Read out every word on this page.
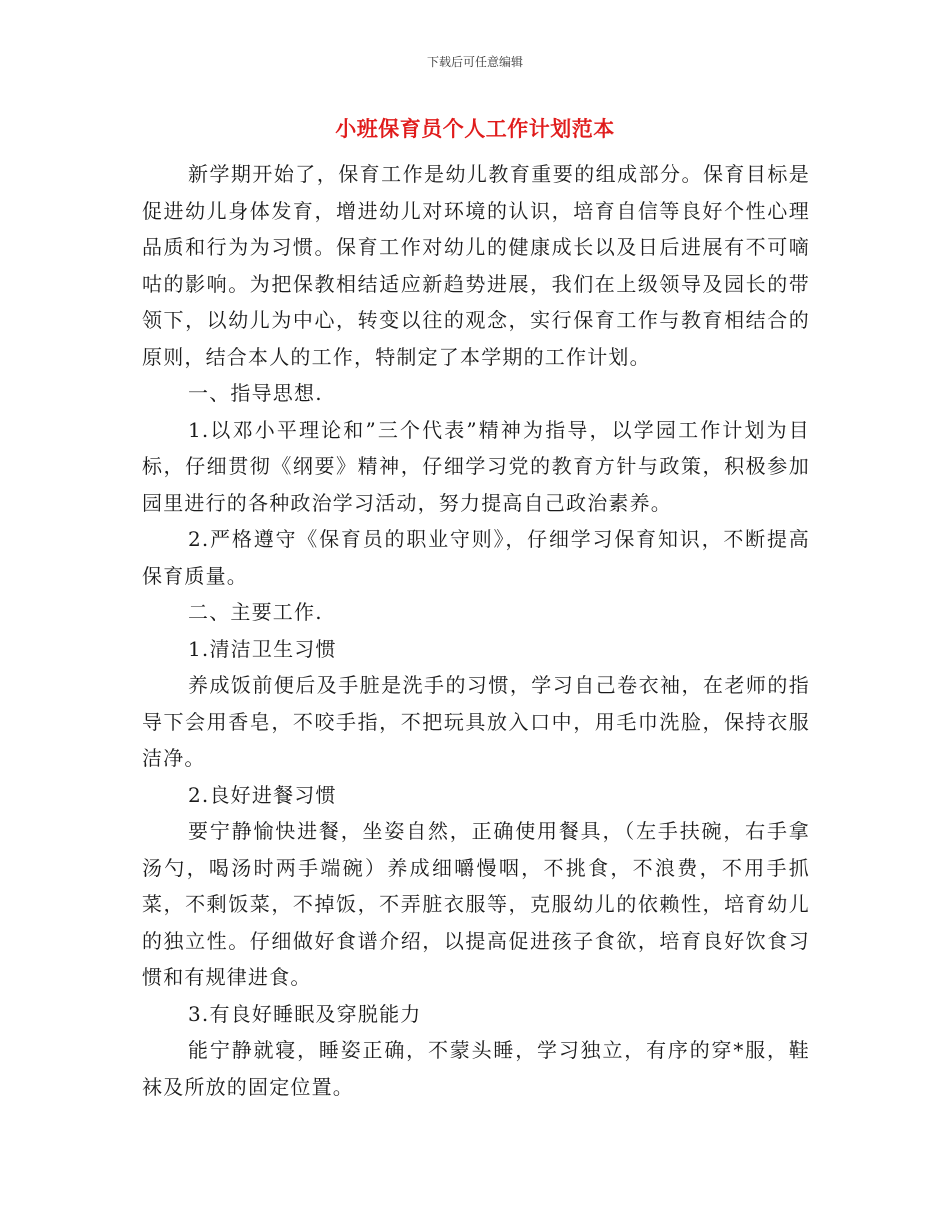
下载后可任意编辑
小班保育员个人工作计划范本

新学期开始了，保育工作是幼儿教育重要的组成部分。保育目标是促进幼儿身体发育，增进幼儿对环境的认识，培育自信等良好个性心理品质和行为为习惯。保育工作对幼儿的健康成长以及日后进展有不可嘀咕的影响。为把保教相结适应新趋势进展，我们在上级领导及园长的带领下，以幼儿为中心，转变以往的观念，实行保育工作与教育相结合的原则，结合本人的工作，特制定了本学期的工作计划。

一、指导思想.

1.以邓小平理论和”三个代表”精神为指导，以学园工作计划为目标，仔细贯彻《纲要》精神，仔细学习党的教育方针与政策，积极参加园里进行的各种政治学习活动，努力提高自己政治素养。

2.严格遵守《保育员的职业守则》，仔细学习保育知识，不断提高保育质量。

二、主要工作.

1.清洁卫生习惯

养成饭前便后及手脏是洗手的习惯，学习自己卷衣袖，在老师的指导下会用香皂，不咬手指，不把玩具放入口中，用毛巾洗脸，保持衣服洁净。

2.良好进餐习惯

要宁静愉快进餐，坐姿自然，正确使用餐具，（左手扶碗，右手拿汤勺，喝汤时两手端碗）养成细嚼慢咽，不挑食，不浪费，不用手抓菜，不剩饭菜，不掉饭，不弄脏衣服等，克服幼儿的依赖性，培育幼儿的独立性。仔细做好食谱介绍，以提高促进孩子食欲，培育良好饮食习惯和有规律进食。

3.有良好睡眠及穿脱能力

能宁静就寝，睡姿正确，不蒙头睡，学习独立，有序的穿*服，鞋袜及所放的固定位置。
